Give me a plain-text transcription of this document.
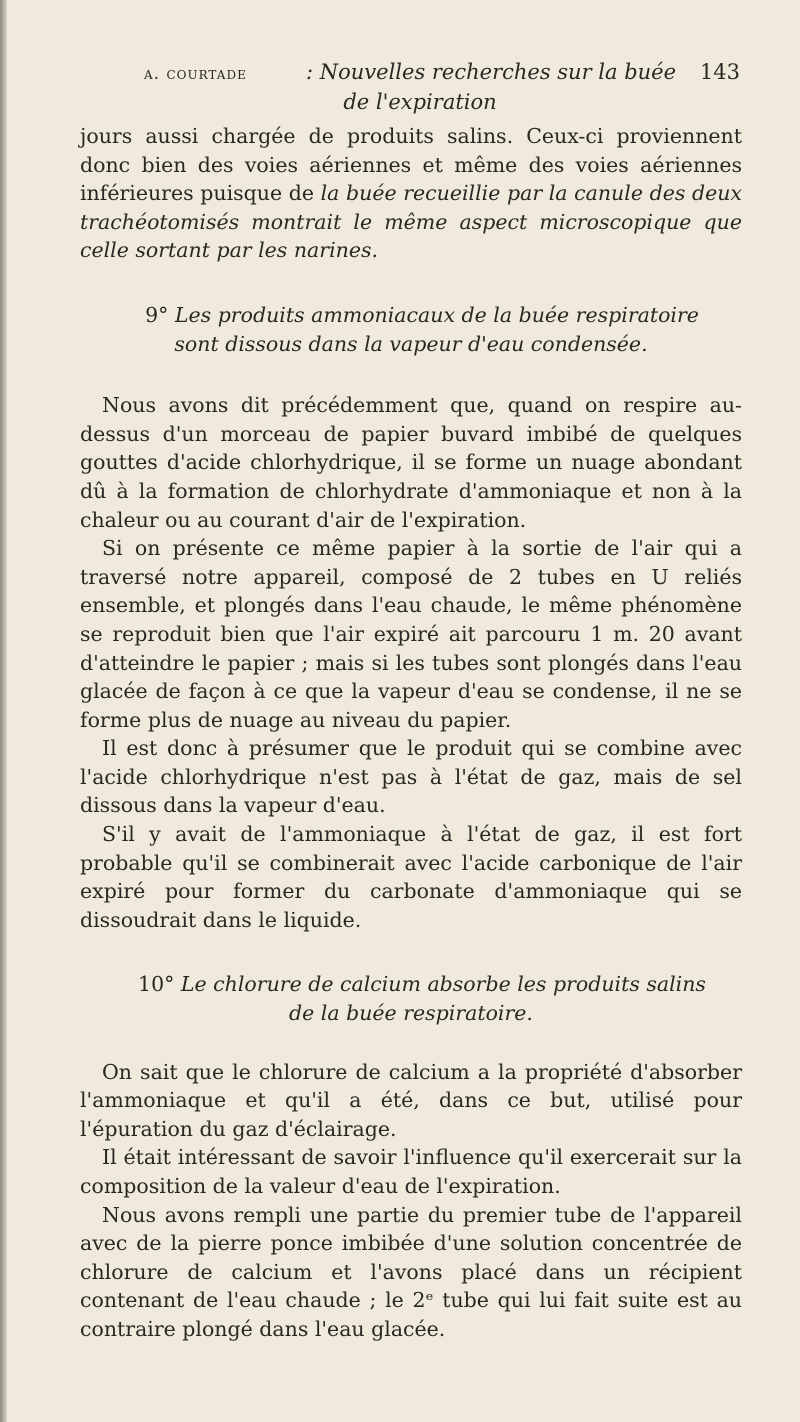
a. courtade	: Nouvelles recherches sur la buée 143
de l'expiration

jours aussi chargée de produits salins. Ceux-ci proviennent donc bien des voies aériennes et même des voies aériennes inférieures puisque de la buée recueillie par la canule des deux trachéotomisés montrait le même aspect microscopique que celle sortant par les narines.

9° Les produits ammoniacaux de la buée respiratoire sont dissous dans la vapeur d'eau condensée.

Nous avons dit précédemment que, quand on respire au-dessus d'un morceau de papier buvard imbibé de quelques gouttes d'acide chlorhydrique, il se forme un nuage abondant dû à la formation de chlorhydrate d'ammoniaque et non à la chaleur ou au courant d'air de l'expiration.

Si on présente ce même papier à la sortie de l'air qui a traversé notre appareil, composé de 2 tubes en U reliés ensemble, et plongés dans l'eau chaude, le même phénomène se reproduit bien que l'air expiré ait parcouru 1 m. 20 avant d'atteindre le papier ; mais si les tubes sont plongés dans l'eau glacée de façon à ce que la vapeur d'eau se condense, il ne se forme plus de nuage au niveau du papier.

Il est donc à présumer que le produit qui se combine avec l'acide chlorhydrique n'est pas à l'état de gaz, mais de sel dissous dans la vapeur d'eau.

S'il y avait de l'ammoniaque à l'état de gaz, il est fort probable qu'il se combinerait avec l'acide carbonique de l'air expiré pour former du carbonate d'ammoniaque qui se dissoudrait dans le liquide.

10° Le chlorure de calcium absorbe les produits salins de la buée respiratoire.

On sait que le chlorure de calcium a la propriété d'absorber l'ammoniaque et qu'il a été, dans ce but, utilisé pour l'épuration du gaz d'éclairage.

Il était intéressant de savoir l'influence qu'il exercerait sur la composition de la valeur d'eau de l'expiration.

Nous avons rempli une partie du premier tube de l'appareil avec de la pierre ponce imbibée d'une solution concentrée de chlorure de calcium et l'avons placé dans un récipient contenant de l'eau chaude ; le 2ᵉ tube qui lui fait suite est au contraire plongé dans l'eau glacée.
